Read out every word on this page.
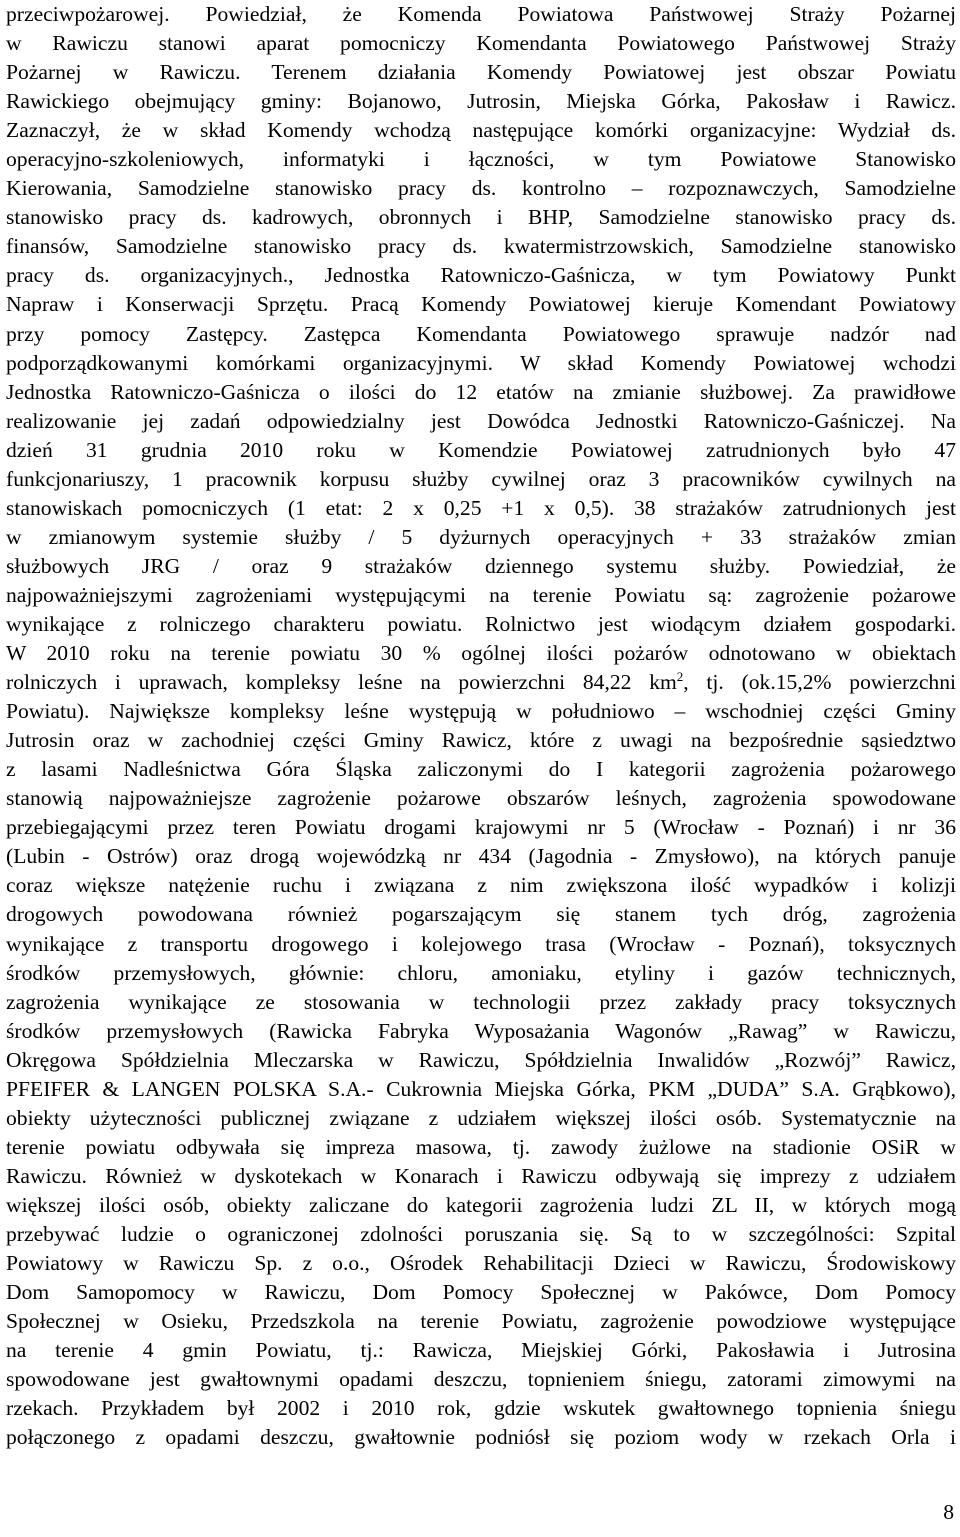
przeciwpożarowej. Powiedział, że Komenda Powiatowa Państwowej Straży Pożarnej
w Rawiczu stanowi aparat pomocniczy Komendanta Powiatowego Państwowej Straży
Pożarnej w Rawiczu. Terenem działania Komendy Powiatowej jest obszar Powiatu
Rawickiego obejmujący gminy: Bojanowo, Jutrosin, Miejska Górka, Pakosław i Rawicz.
Zaznaczył, że w skład Komendy wchodzą następujące komórki organizacyjne: Wydział ds.
operacyjno-szkoleniowych, informatyki i łączności, w tym Powiatowe Stanowisko
Kierowania, Samodzielne stanowisko pracy ds. kontrolno – rozpoznawczych, Samodzielne
stanowisko pracy ds. kadrowych, obronnych i BHP, Samodzielne stanowisko pracy ds.
finansów, Samodzielne stanowisko pracy ds. kwatermistrzowskich, Samodzielne stanowisko
pracy ds. organizacyjnych., Jednostka Ratowniczo-Gaśnicza, w tym Powiatowy Punkt
Napraw i Konserwacji Sprzętu. Pracą Komendy Powiatowej kieruje Komendant Powiatowy
przy pomocy Zastępcy. Zastępca Komendanta Powiatowego sprawuje nadzór nad
podporządkowanymi komórkami organizacyjnymi. W skład Komendy Powiatowej wchodzi
Jednostka Ratowniczo-Gaśnicza o ilości do 12 etatów na zmianie służbowej. Za prawidłowe
realizowanie jej zadań odpowiedzialny jest Dowódca Jednostki Ratowniczo-Gaśniczej. Na
dzień 31 grudnia 2010 roku w Komendzie Powiatowej zatrudnionych było 47
funkcjonariuszy, 1 pracownik korpusu służby cywilnej oraz 3 pracowników cywilnych na
stanowiskach pomocniczych (1 etat: 2 x 0,25 +1 x 0,5). 38 strażaków zatrudnionych jest
w zmianowym systemie służby / 5 dyżurnych operacyjnych + 33 strażaków zmian
służbowych JRG / oraz 9 strażaków dziennego systemu służby. Powiedział, że
najpoważniejszymi zagrożeniami występującymi na terenie Powiatu są: zagrożenie pożarowe
wynikające z rolniczego charakteru powiatu. Rolnictwo jest wiodącym działem gospodarki.
W 2010 roku na terenie powiatu 30 % ogólnej ilości pożarów odnotowano w obiektach
rolniczych i uprawach, kompleksy leśne na powierzchni 84,22 $km^2$, tj. (ok.15,2% powierzchni
Powiatu). Największe kompleksy leśne występują w południowo – wschodniej części Gminy
Jutrosin oraz w zachodniej części Gminy Rawicz, które z uwagi na bezpośrednie sąsiedztwo
z lasami Nadleśnictwa Góra Śląska zaliczonymi do I kategorii zagrożenia pożarowego
stanowią najpoważniejsze zagrożenie pożarowe obszarów leśnych, zagrożenia spowodowane
przebiegającymi przez teren Powiatu drogami krajowymi nr 5 (Wrocław - Poznań) i nr 36
(Lubin - Ostrów) oraz drogą wojewódzką nr 434 (Jagodnia - Zmysłowo), na których panuje
coraz większe natężenie ruchu i związana z nim zwiększona ilość wypadków i kolizji
drogowych powodowana również pogarszającym się stanem tych dróg, zagrożenia
wynikające z transportu drogowego i kolejowego trasa (Wrocław - Poznań), toksycznych
środków przemysłowych, głównie: chloru, amoniaku, etyliny i gazów technicznych,
zagrożenia wynikające ze stosowania w technologii przez zakłady pracy toksycznych
środków przemysłowych (Rawicka Fabryka Wyposażania Wagonów „Rawag” w Rawiczu,
Okręgowa Spółdzielnia Mleczarska w Rawiczu, Spółdzielnia Inwalidów „Rozwój” Rawicz,
PFEIFER & LANGEN POLSKA S.A.- Cukrownia Miejska Górka, PKM „DUDA” S.A. Grąbkowo),
obiekty użyteczności publicznej związane z udziałem większej ilości osób. Systematycznie na
terenie powiatu odbywała się impreza masowa, tj. zawody żużlowe na stadionie OSiR w
Rawiczu. Również w dyskotekach w Konarach i Rawiczu odbywają się imprezy z udziałem
większej ilości osób, obiekty zaliczane do kategorii zagrożenia ludzi ZL II, w których mogą
przebywać ludzie o ograniczonej zdolności poruszania się. Są to w szczególności: Szpital
Powiatowy w Rawiczu Sp. z o.o., Ośrodek Rehabilitacji Dzieci w Rawiczu, Środowiskowy
Dom Samopomocy w Rawiczu, Dom Pomocy Społecznej w Pakówce, Dom Pomocy
Społecznej w Osieku, Przedszkola na terenie Powiatu, zagrożenie powodziowe występujące
na terenie 4 gmin Powiatu, tj.: Rawicza, Miejskiej Górki, Pakosławia i Jutrosina
spowodowane jest gwałtownymi opadami deszczu, topnieniem śniegu, zatorami zimowymi na
rzekach. Przykładem był 2002 i 2010 rok, gdzie wskutek gwałtownego topnienia śniegu
połączonego z opadami deszczu, gwałtownie podniósł się poziom wody w rzekach Orla i
8
